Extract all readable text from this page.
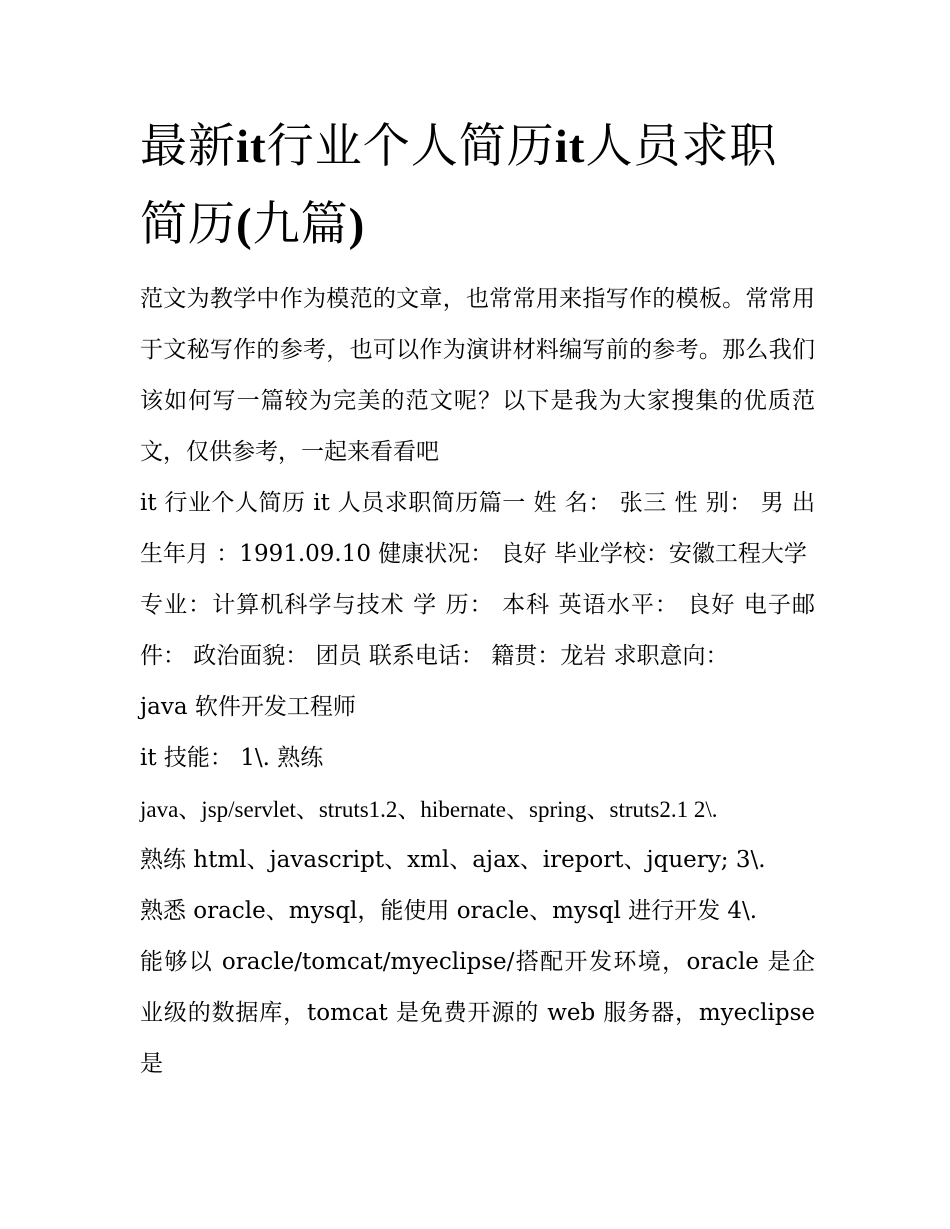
最新it行业个人简历it人员求职简历(九篇)

范文为教学中作为模范的文章，也常常用来指写作的模板。常常用于文秘写作的参考，也可以作为演讲材料编写前的参考。那么我们该如何写一篇较为完美的范文呢？以下是我为大家搜集的优质范文，仅供参考，一起来看看吧

it 行业个人简历 it 人员求职简历篇一 姓 名： 张三 性 别： 男 出生年月 ：1991.09.10 健康状况： 良好 毕业学校：安徽工程大学

专业：计算机科学与技术 学 历： 本科 英语水平： 良好 电子邮件： 政治面貌： 团员 联系电话： 籍贯：龙岩 求职意向：

java 软件开发工程师

it 技能： 1\. 熟练

java、jsp/servlet、struts1.2、hibernate、spring、struts2.1 2\.

熟练 html、javascript、xml、ajax、ireport、jquery; 3\.

熟悉 oracle、mysql，能使用 oracle、mysql 进行开发 4\.

能够以 oracle/tomcat/myeclipse/搭配开发环境，oracle 是企业级的数据库，tomcat 是免费开源的 web 服务器，myeclipse 是
